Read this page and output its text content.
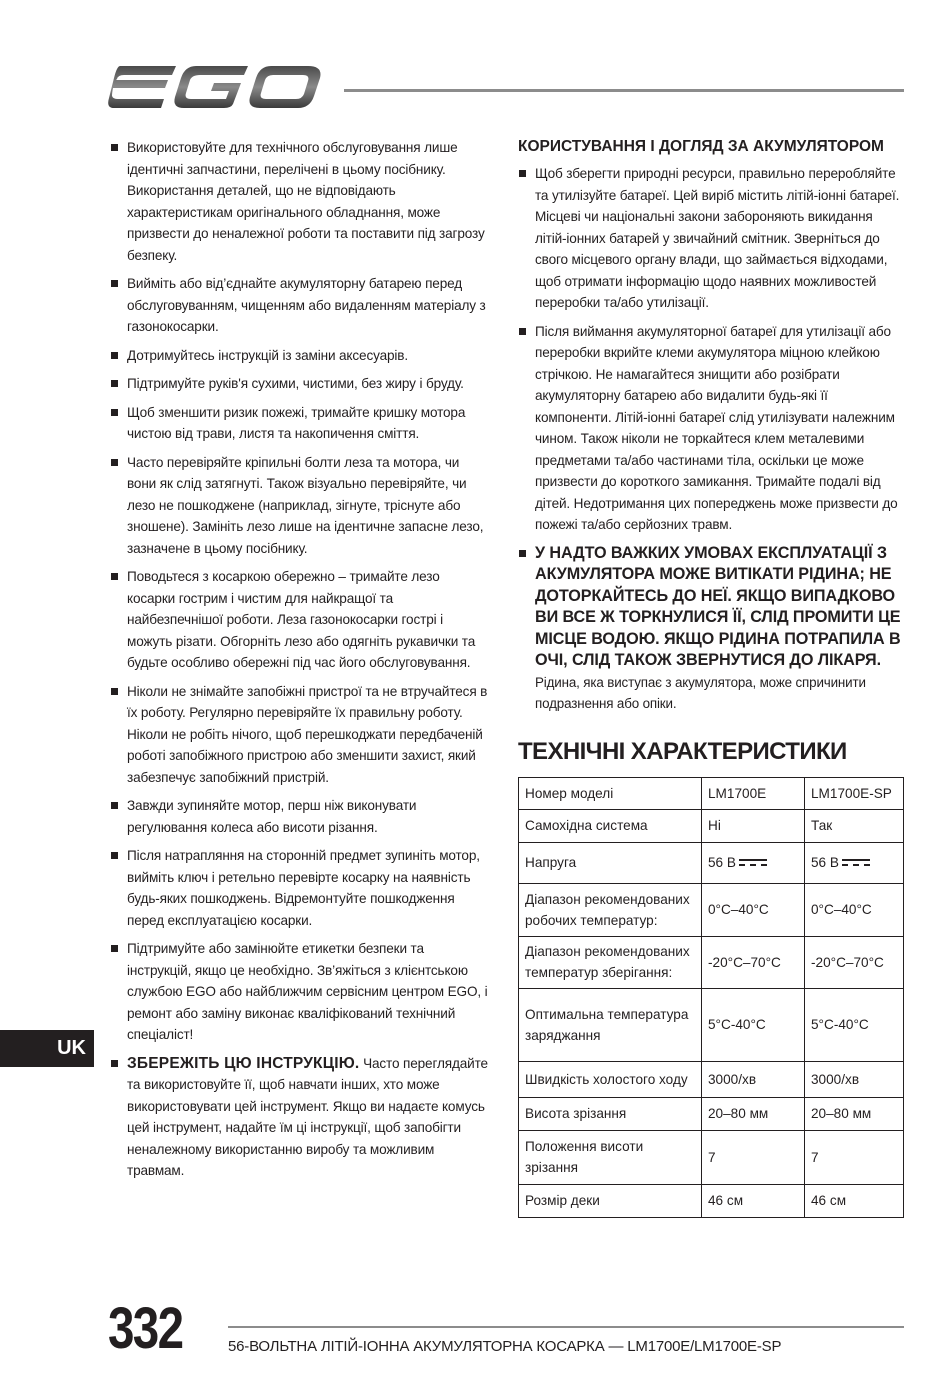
Використовуйте для технічного обслуговування лише ідентичні запчастини, перелічені в цьому посібнику. Використання деталей, що не відповідають характеристикам оригінального обладнання, може призвести до неналежної роботи та поставити під загрозу безпеку.
Вийміть або від’єднайте акумуляторну батарею перед обслуговуванням, чищенням або видаленням матеріалу з газонокосарки.
Дотримуйтесь інструкцій із заміни аксесуарів.
Підтримуйте руків'я сухими, чистими, без жиру і бруду.
Щоб зменшити ризик пожежі, тримайте кришку мотора чистою від трави, листя та накопичення сміття.
Часто перевіряйте кріпильні болти леза та мотора, чи вони як слід затягнуті. Також візуально перевіряйте, чи лезо не пошкоджене (наприклад, зігнуте, тріснуте або зношене). Замініть лезо лише на ідентичне запасне лезо, зазначене в цьому посібнику.
Поводьтеся з косаркою обережно – тримайте лезо косарки гострим і чистим для найкращої та найбезпечнішої роботи. Леза газонокосарки гострі і можуть різати. Обгорніть лезо або одягніть рукавички та будьте особливо обережні під час його обслуговування.
Ніколи не знімайте запобіжні пристрої та не втручайтеся в їх роботу. Регулярно перевіряйте їх правильну роботу. Ніколи не робіть нічого, щоб перешкоджати передбаченій роботі запобіжного пристрою або зменшити захист, який забезпечує запобіжний пристрій.
Завжди зупиняйте мотор, перш ніж виконувати регулювання колеса або висоти різання.
Після натрапляння на сторонній предмет зупиніть мотор, вийміть ключ і ретельно перевірте косарку на наявність будь-яких пошкоджень. Відремонтуйте пошкодження перед експлуатацією косарки.
Підтримуйте або замінюйте етикетки безпеки та інструкцій, якщо це необхідно. Зв’яжіться з клієнтською службою EGO або найближчим сервісним центром EGO, і ремонт або заміну виконає кваліфікований технічний спеціаліст!
ЗБЕРЕЖІТЬ ЦЮ ІНСТРУКЦІЮ. Часто переглядайте та використовуйте її, щоб навчати інших, хто може використовувати цей інструмент. Якщо ви надаєте комусь цей інструмент, надайте їм ці інструкції, щоб запобігти неналежному використанню виробу та можливим травмам.
КОРИСТУВАННЯ І ДОГЛЯД ЗА АКУМУЛЯТОРОМ
Щоб зберегти природні ресурси, правильно переробляйте та утилізуйте батареї. Цей виріб містить літій-іонні батареї. Місцеві чи національні закони забороняють викидання літій-іонних батарей у звичайний смітник. Зверніться до свого місцевого органу влади, що займається відходами, щоб отримати інформацію щодо наявних можливостей переробки та/або утилізації.
Після виймання акумуляторної батареї для утилізації або переробки вкрийте клеми акумулятора міцною клейкою стрічкою. Не намагайтеся знищити або розібрати акумуляторну батарею або видалити будь-які її компоненти. Літій-іонні батареї слід утилізувати належним чином. Також ніколи не торкайтеся клем металевими предметами та/або частинами тіла, оскільки це може призвести до короткого замикання. Тримайте подалі від дітей. Недотримання цих попереджень може призвести до пожежі та/або серйозних травм.
У НАДТО ВАЖКИХ УМОВАХ ЕКСПЛУАТАЦІЇ З АКУМУЛЯТОРА МОЖЕ ВИТІКАТИ РІДИНА; НЕ ДОТОРКАЙТЕСЬ ДО НЕЇ. ЯКЩО ВИПАДКОВО ВИ ВСЕ Ж ТОРКНУЛИСЯ ЇЇ, СЛІД ПРОМИТИ ЦЕ МІСЦЕ ВОДОЮ. ЯКЩО РІДИНА ПОТРАПИЛА В ОЧІ, СЛІД ТАКОЖ ЗВЕРНУТИСЯ ДО ЛІКАРЯ. Рідина, яка виступає з акумулятора, може спричинити подразнення або опіки.
ТЕХНІЧНІ ХАРАКТЕРИСТИКИ
Номер моделі	LM1700E	LM1700E-SP
Самохідна система	Ні	Так
Напруга	56 В	56 В
Діапазон рекомендованих робочих температур:	0°C–40°C	0°C–40°C
Діапазон рекомендованих температур зберігання:	-20°C–70°C	-20°C–70°C
Оптимальна температура заряджання	5°C-40°C	5°C-40°C
Швидкість холостого ходу	3000/хв	3000/хв
Висота зрізання	20–80 мм	20–80 мм
Положення висоти зрізання	7	7
Розмір деки	46 см	46 см
UK
332	56-ВОЛЬТНА ЛІТІЙ-ІОННА АКУМУЛЯТОРНА КОСАРКА — LM1700E/LM1700E-SP
